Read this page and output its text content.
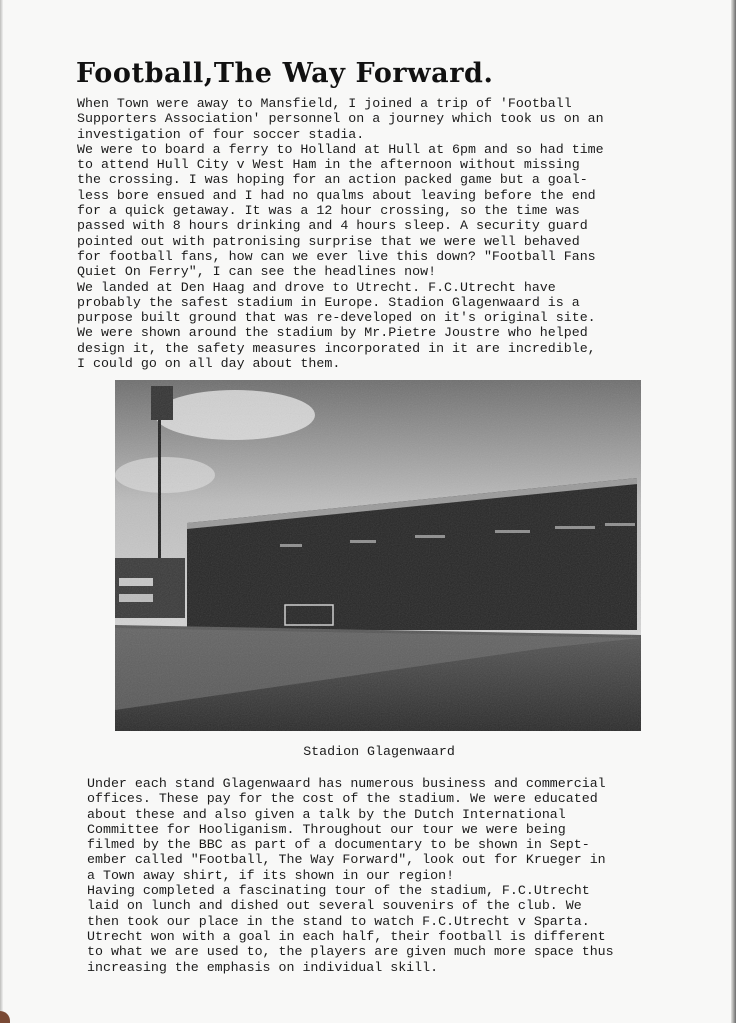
Football,The Way Forward.

When Town were away to Mansfield, I joined a trip of 'Football
Supporters Association' personnel on a journey which took us on an
investigation of four soccer stadia.
We were to board a ferry to Holland at Hull at 6pm and so had time
to attend Hull City v West Ham in the afternoon without missing
the crossing. I was hoping for an action packed game but a goal-
less bore ensued and I had no qualms about leaving before the end
for a quick getaway. It was a 12 hour crossing, so the time was
passed with 8 hours drinking and 4 hours sleep. A security guard
pointed out with patronising surprise that we were well behaved
for football fans, how can we ever live this down? "Football Fans
Quiet On Ferry", I can see the headlines now!
We landed at Den Haag and drove to Utrecht. F.C.Utrecht have
probably the safest stadium in Europe. Stadion Glagenwaard is a
purpose built ground that was re-developed on it's original site.
We were shown around the stadium by Mr.Pietre Joustre who helped
design it, the safety measures incorporated in it are incredible,
I could go on all day about them.

Stadion Glagenwaard

Under each stand Glagenwaard has numerous business and commercial
offices. These pay for the cost of the stadium. We were educated
about these and also given a talk by the Dutch International
Committee for Hooliganism. Throughout our tour we were being
filmed by the BBC as part of a documentary to be shown in Sept-
ember called "Football, The Way Forward", look out for Krueger in
a Town away shirt, if its shown in our region!
Having completed a fascinating tour of the stadium, F.C.Utrecht
laid on lunch and dished out several souvenirs of the club. We
then took our place in the stand to watch F.C.Utrecht v Sparta.
Utrecht won with a goal in each half, their football is different
to what we are used to, the players are given much more space thus
increasing the emphasis on individual skill.
